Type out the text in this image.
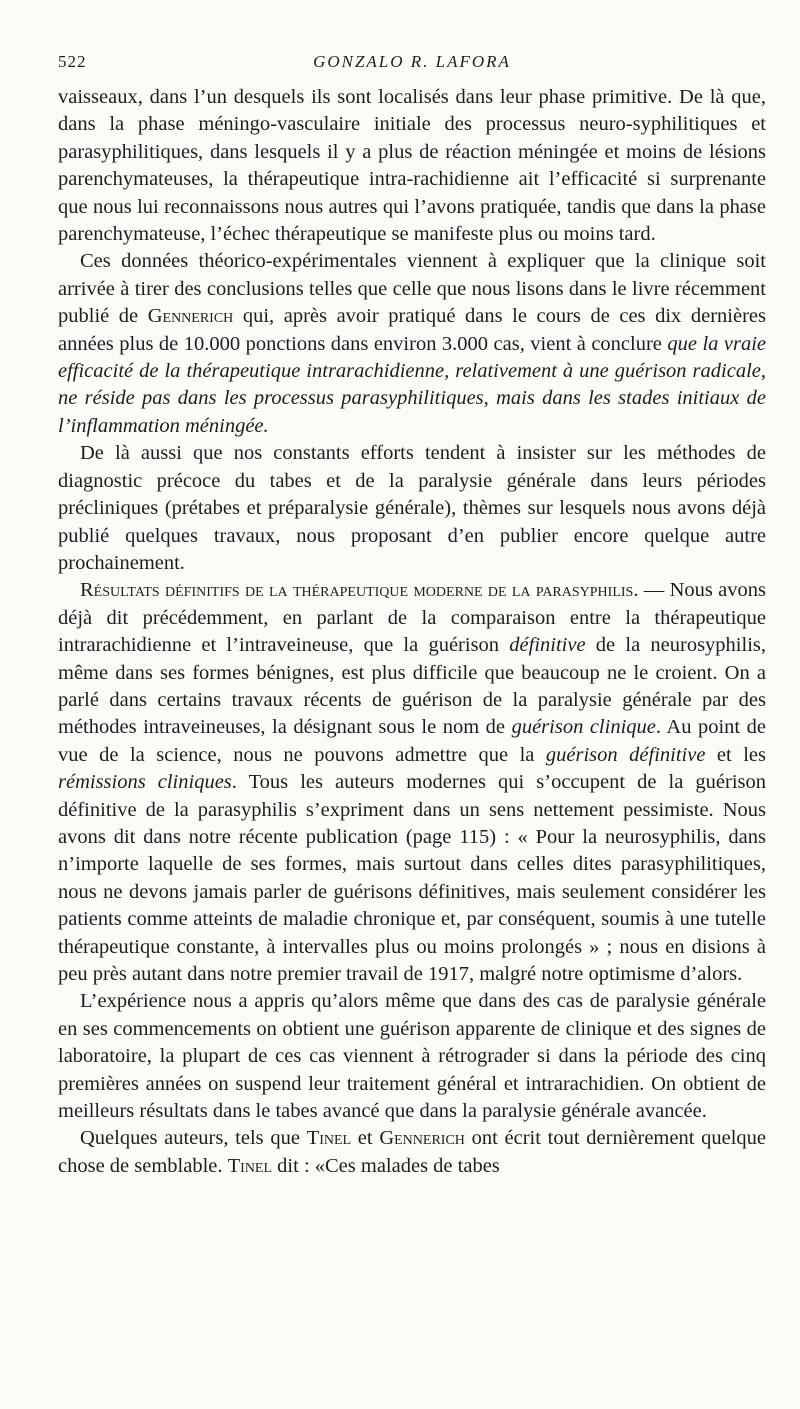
522	GONZALO R. LAFORA

vaisseaux, dans l’un desquels ils sont localisés dans leur phase primitive. De là que, dans la phase méningo-vasculaire initiale des processus neuro-syphilitiques et parasyphilitiques, dans lesquels il y a plus de réaction méningée et moins de lésions parenchymateuses, la thérapeutique intra-rachidienne ait l’efficacité si surprenante que nous lui reconnaissons nous autres qui l’avons pratiquée, tandis que dans la phase parenchymateuse, l’échec thérapeutique se manifeste plus ou moins tard.

Ces données théorico-expérimentales viennent à expliquer que la clinique soit arrivée à tirer des conclusions telles que celle que nous lisons dans le livre récemment publié de Gennerich qui, après avoir pratiqué dans le cours de ces dix dernières années plus de 10.000 ponctions dans environ 3.000 cas, vient à conclure que la vraie efficacité de la thérapeutique intrarachidienne, relativement à une guérison radicale, ne réside pas dans les processus parasyphilitiques, mais dans les stades initiaux de l’inflammation méningée.

De là aussi que nos constants efforts tendent à insister sur les méthodes de diagnostic précoce du tabes et de la paralysie générale dans leurs périodes précliniques (prétabes et préparalysie générale), thèmes sur lesquels nous avons déjà publié quelques travaux, nous proposant d’en publier encore quelque autre prochainement.

Résultats définitifs de la thérapeutique moderne de la parasyphilis. — Nous avons déjà dit précédemment, en parlant de la comparaison entre la thérapeutique intrarachidienne et l’intraveineuse, que la guérison définitive de la neurosyphilis, même dans ses formes bénignes, est plus difficile que beaucoup ne le croient. On a parlé dans certains travaux récents de guérison de la paralysie générale par des méthodes intraveineuses, la désignant sous le nom de guérison clinique. Au point de vue de la science, nous ne pouvons admettre que la guérison définitive et les rémissions cliniques. Tous les auteurs modernes qui s’occupent de la guérison définitive de la parasyphilis s’expriment dans un sens nettement pessimiste. Nous avons dit dans notre récente publication (page 115) : « Pour la neurosyphilis, dans n’importe laquelle de ses formes, mais surtout dans celles dites parasyphilitiques, nous ne devons jamais parler de guérisons définitives, mais seulement considérer les patients comme atteints de maladie chronique et, par conséquent, soumis à une tutelle thérapeutique constante, à intervalles plus ou moins prolongés » ; nous en disions à peu près autant dans notre premier travail de 1917, malgré notre optimisme d’alors.

L’expérience nous a appris qu’alors même que dans des cas de paralysie générale en ses commencements on obtient une guérison apparente de clinique et des signes de laboratoire, la plupart de ces cas viennent à rétrograder si dans la période des cinq premières années on suspend leur traitement général et intrarachidien. On obtient de meilleurs résultats dans le tabes avancé que dans la paralysie générale avancée.

Quelques auteurs, tels que Tinel et Gennerich ont écrit tout dernièrement quelque chose de semblable. Tinel dit : «Ces malades de tabes
